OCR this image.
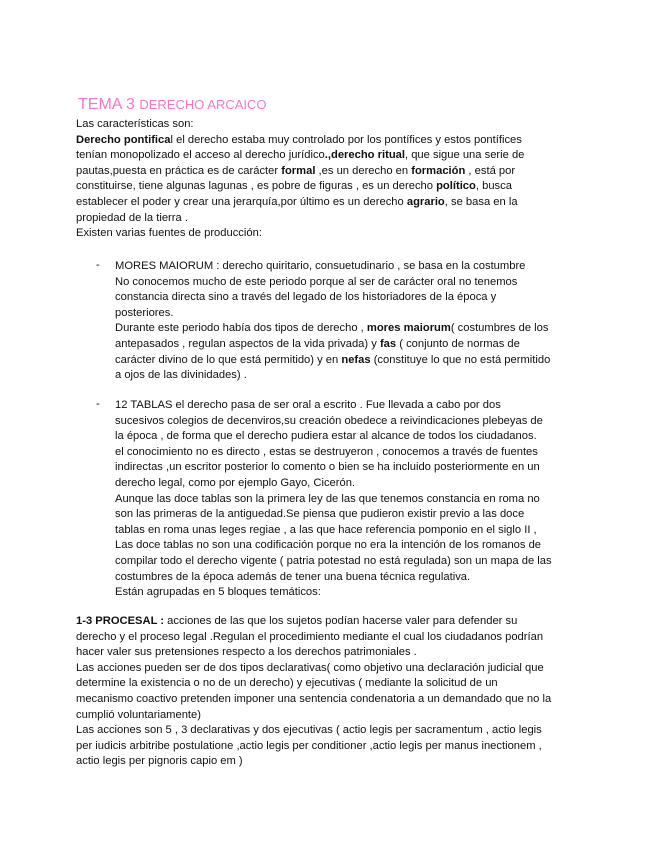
TEMA 3 DERECHO ARCAICO
Las características son:
Derecho pontifical el derecho estaba muy controlado por los pontífices y estos pontífices
tenían monopolizado el acceso al derecho jurídico.,derecho ritual, que sigue una serie de
pautas,puesta en práctica es de carácter formal ,es un derecho en formación , está por
constituirse, tiene algunas lagunas , es pobre de figuras , es un derecho político, busca
establecer el poder y crear una jerarquía,por último es un derecho agrario, se basa en la
propiedad de la tierra .
Existen varias fuentes de producción:
- MORES MAIORUM : derecho quiritario, consuetudinario , se basa en la costumbre
No conocemos mucho de este periodo porque al ser de carácter oral no tenemos
constancia directa sino a través del legado de los historiadores de la época y
posteriores.
Durante este periodo había dos tipos de derecho , mores maiorum( costumbres de los
antepasados , regulan aspectos de la vida privada) y fas ( conjunto de normas de
carácter divino de lo que está permitido) y en nefas (constituye lo que no está permitido
a ojos de las divinidades) .
- 12 TABLAS el derecho pasa de ser oral a escrito . Fue llevada a cabo por dos
sucesivos colegios de decenviros,su creación obedece a reivindicaciones plebeyas de
la época , de forma que el derecho pudiera estar al alcance de todos los ciudadanos.
el conocimiento no es directo , estas se destruyeron , conocemos a través de fuentes
indirectas ,un escritor posterior lo comento o bien se ha incluido posteriormente en un
derecho legal, como por ejemplo Gayo, Cicerón.
Aunque las doce tablas son la primera ley de las que tenemos constancia en roma no
son las primeras de la antiguedad.Se piensa que pudieron existir previo a las doce
tablas en roma unas leges regiae , a las que hace referencia pomponio en el siglo II ,
Las doce tablas no son una codificación porque no era la intención de los romanos de
compilar todo el derecho vigente ( patria potestad no está regulada) son un mapa de las
costumbres de la época además de tener una buena técnica regulativa.
Están agrupadas en 5 bloques temáticos:
1-3 PROCESAL : acciones de las que los sujetos podían hacerse valer para defender su
derecho y el proceso legal .Regulan el procedimiento mediante el cual los ciudadanos podrían
hacer valer sus pretensiones respecto a los derechos patrimoniales .
Las acciones pueden ser de dos tipos declarativas( como objetivo una declaración judicial que
determine la existencia o no de un derecho) y ejecutivas ( mediante la solicitud de un
mecanismo coactivo pretenden imponer una sentencia condenatoria a un demandado que no la
cumplió voluntariamente)
Las acciones son 5 , 3 declarativas y dos ejecutivas ( actio legis per sacramentum , actio legis
per iudicis arbitribe postulatione ,actio legis per conditioner ,actio legis per manus inectionem ,
actio legis per pignoris capio em )
